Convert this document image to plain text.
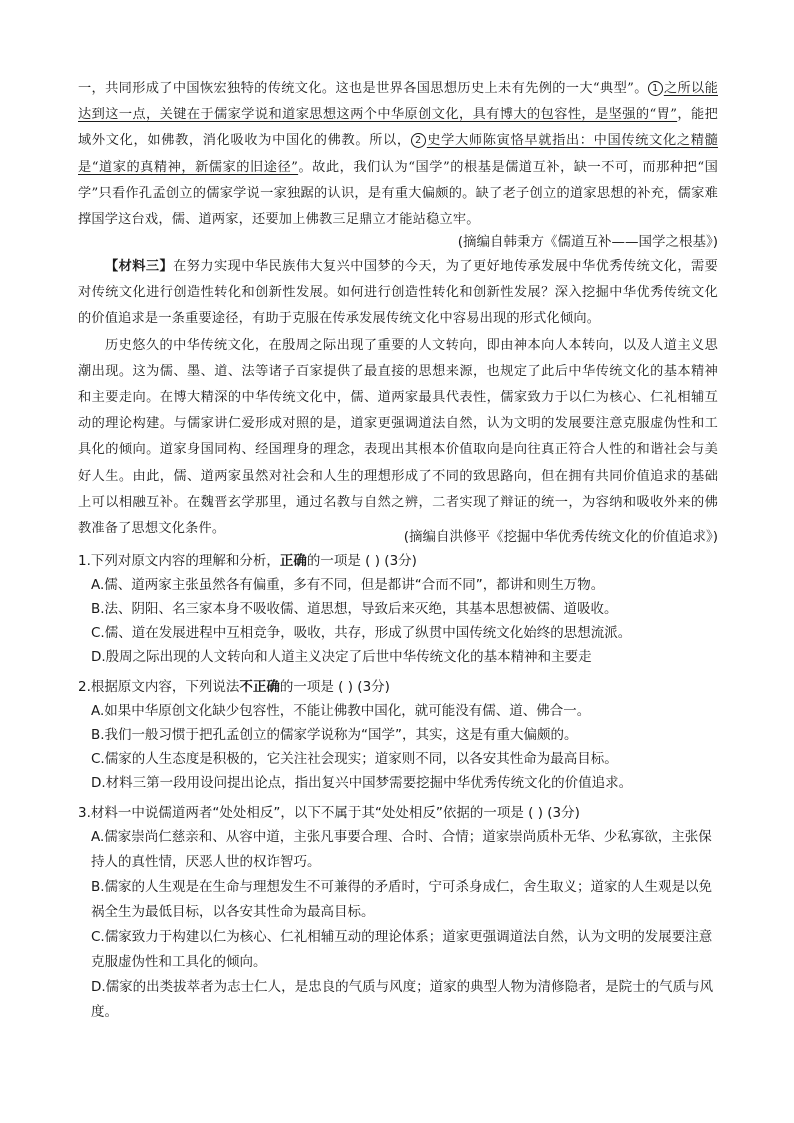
一，共同形成了中国恢宏独特的传统文化。这也是世界各国思想历史上未有先例的一大“典型”。 1 之所以能达到这一点，关键在于儒家学说和道家思想这两个中华原创文化，具有博大的包容性，是坚强的“胃”，能把域外文化，如佛教，消化吸收为中国化的佛教。所以， 2 史学大师陈寅恪早就指出：中国传统文化之精髓是“道家的真精神，新儒家的旧途径”。故此，我们认为“国学”的根基是儒道互补，缺一不可，而那种把“国学”只看作孔孟创立的儒家学说一家独踞的认识，是有重大偏颇的。缺了老子创立的道家思想的补充，儒家难撑国学这台戏，儒、道两家，还要加上佛教三足鼎立才能站稳立牢。

(摘编自韩秉方《儒道互补——国学之根基》)

【材料三】在努力实现中华民族伟大复兴中国梦的今天，为了更好地传承发展中华优秀传统文化，需要对传统文化进行创造性转化和创新性发展。如何进行创造性转化和创新性发展？深入挖掘中华优秀传统文化的价值追求是一条重要途径，有助于克服在传承发展传统文化中容易出现的形式化倾向。

历史悠久的中华传统文化，在殷周之际出现了重要的人文转向，即由神本向人本转向，以及人道主义思潮出现。这为儒、墨、道、法等诸子百家提供了最直接的思想来源，也规定了此后中华传统文化的基本精神和主要走向。在博大精深的中华传统文化中，儒、道两家最具代表性，儒家致力于以仁为核心、仁礼相辅互动的理论构建。与儒家讲仁爱形成对照的是，道家更强调道法自然，认为文明的发展要注意克服虚伪性和工具化的倾向。道家身国同构、经国理身的理念，表现出其根本价值取向是向往真正符合人性的和谐社会与美好人生。由此，儒、道两家虽然对社会和人生的理想形成了不同的致思路向，但在拥有共同价值追求的基础上可以相融互补。在魏晋玄学那里，通过名教与自然之辨，二者实现了辩证的统一，为容纳和吸收外来的佛教准备了思想文化条件。

(摘编自洪修平《挖掘中华优秀传统文化的价值追求》)

1.下列对原文内容的理解和分析，正确的一项是 ( ) (3分)

A.儒、道两家主张虽然各有偏重，多有不同，但是都讲“合而不同”，都讲和则生万物。

B.法、阴阳、名三家本身不吸收儒、道思想，导致后来灭绝，其基本思想被儒、道吸收。

C.儒、道在发展进程中互相竞争，吸收，共存，形成了纵贯中国传统文化始终的思想流派。

D.殷周之际出现的人文转向和人道主义决定了后世中华传统文化的基本精神和主要走

2.根据原文内容，下列说法不正确的一项是 ( ) (3分)

A.如果中华原创文化缺少包容性，不能让佛教中国化，就可能没有儒、道、佛合一。

B.我们一般习惯于把孔孟创立的儒家学说称为“国学”，其实，这是有重大偏颇的。

C.儒家的人生态度是积极的，它关注社会现实；道家则不同，以各安其性命为最高目标。

D.材料三第一段用设问提出论点，指出复兴中国梦需要挖掘中华优秀传统文化的价值追求。

3.材料一中说儒道两者“处处相反”，以下不属于其“处处相反”依据的一项是 ( ) (3分)

A.儒家崇尚仁慈亲和、从容中道，主张凡事要合理、合时、合情；道家崇尚质朴无华、少私寡欲，主张保持人的真性情，厌恶人世的权诈智巧。

B.儒家的人生观是在生命与理想发生不可兼得的矛盾时，宁可杀身成仁，舍生取义；道家的人生观是以免祸全生为最低目标，以各安其性命为最高目标。

C.儒家致力于构建以仁为核心、仁礼相辅互动的理论体系；道家更强调道法自然，认为文明的发展要注意克服虚伪性和工具化的倾向。

D.儒家的出类拔萃者为志士仁人，是忠良的气质与风度；道家的典型人物为清修隐者，是院士的气质与风度。
